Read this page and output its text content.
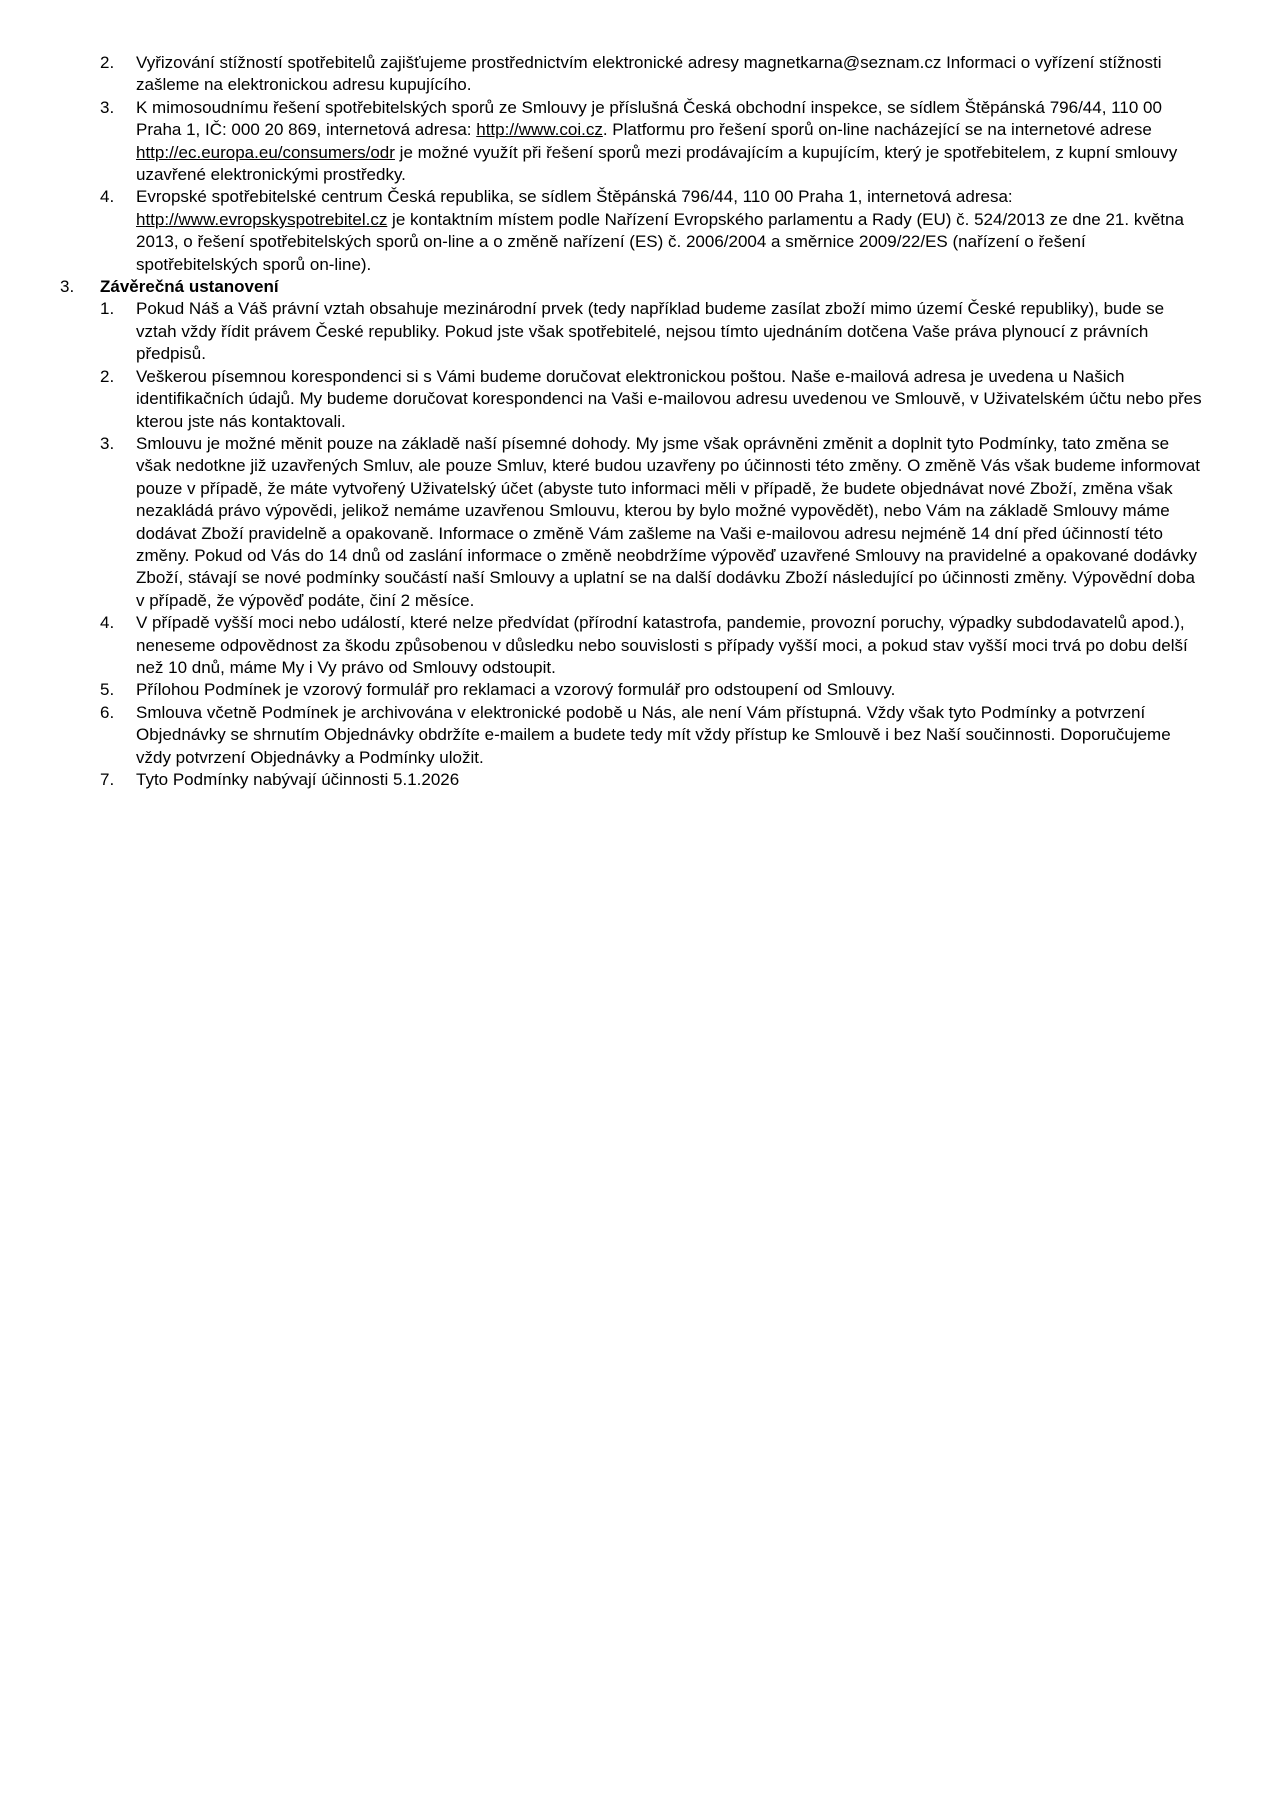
2. Vyřizování stížností spotřebitelů zajišťujeme prostřednictvím elektronické adresy magnetkarna@seznam.cz Informaci o vyřízení stížnosti zašleme na elektronickou adresu kupujícího.
3. K mimosoudnímu řešení spotřebitelských sporů ze Smlouvy je příslušná Česká obchodní inspekce, se sídlem Štěpánská 796/44, 110 00 Praha 1, IČ: 000 20 869, internetová adresa: http://www.coi.cz. Platformu pro řešení sporů on-line nacházející se na internetové adrese http://ec.europa.eu/consumers/odr je možné využít při řešení sporů mezi prodávajícím a kupujícím, který je spotřebitelem, z kupní smlouvy uzavřené elektronickými prostředky.
4. Evropské spotřebitelské centrum Česká republika, se sídlem Štěpánská 796/44, 110 00 Praha 1, internetová adresa: http://www.evropskyspotrebitel.cz je kontaktním místem podle Nařízení Evropského parlamentu a Rady (EU) č. 524/2013 ze dne 21. května 2013, o řešení spotřebitelských sporů on-line a o změně nařízení (ES) č. 2006/2004 a směrnice 2009/22/ES (nařízení o řešení spotřebitelských sporů on-line).
3. Závěrečná ustanovení
1. Pokud Náš a Váš právní vztah obsahuje mezinárodní prvek (tedy například budeme zasílat zboží mimo území České republiky), bude se vztah vždy řídit právem České republiky. Pokud jste však spotřebitelé, nejsou tímto ujednáním dotčena Vaše práva plynoucí z právních předpisů.
2. Veškerou písemnou korespondenci si s Vámi budeme doručovat elektronickou poštou. Naše e-mailová adresa je uvedena u Našich identifikačních údajů. My budeme doručovat korespondenci na Vaši e-mailovou adresu uvedenou ve Smlouvě, v Uživatelském účtu nebo přes kterou jste nás kontaktovali.
3. Smlouvu je možné měnit pouze na základě naší písemné dohody. My jsme však oprávněni změnit a doplnit tyto Podmínky, tato změna se však nedotkne již uzavřených Smluv, ale pouze Smluv, které budou uzavřeny po účinnosti této změny. O změně Vás však budeme informovat pouze v případě, že máte vytvořený Uživatelský účet (abyste tuto informaci měli v případě, že budete objednávat nové Zboží, změna však nezakládá právo výpovědi, jelikož nemáme uzavřenou Smlouvu, kterou by bylo možné vypovědět), nebo Vám na základě Smlouvy máme dodávat Zboží pravidelně a opakovaně. Informace o změně Vám zašleme na Vaši e-mailovou adresu nejméně 14 dní před účinností této změny. Pokud od Vás do 14 dnů od zaslání informace o změně neobdržíme výpověď uzavřené Smlouvy na pravidelné a opakované dodávky Zboží, stávají se nové podmínky součástí naší Smlouvy a uplatní se na další dodávku Zboží následující po účinnosti změny. Výpovědní doba v případě, že výpověď podáte, činí 2 měsíce.
4. V případě vyšší moci nebo událostí, které nelze předvídat (přírodní katastrofa, pandemie, provozní poruchy, výpadky subdodavatelů apod.), neneseme odpovědnost za škodu způsobenou v důsledku nebo souvislosti s případy vyšší moci, a pokud stav vyšší moci trvá po dobu delší než 10 dnů, máme My i Vy právo od Smlouvy odstoupit.
5. Přílohou Podmínek je vzorový formulář pro reklamaci a vzorový formulář pro odstoupení od Smlouvy.
6. Smlouva včetně Podmínek je archivována v elektronické podobě u Nás, ale není Vám přístupná. Vždy však tyto Podmínky a potvrzení Objednávky se shrnutím Objednávky obdržíte e-mailem a budete tedy mít vždy přístup ke Smlouvě i bez Naší součinnosti. Doporučujeme vždy potvrzení Objednávky a Podmínky uložit.
7. Tyto Podmínky nabývají účinnosti 5.1.2026
